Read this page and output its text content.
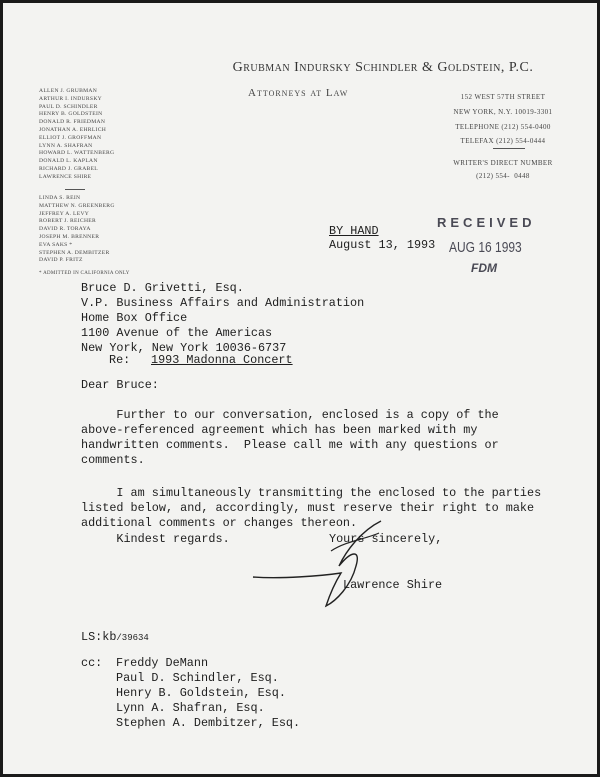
Grubman Indursky Schindler & Goldstein, P.C.
Attorneys at Law
ALLEN J. GRUBMAN
ARTHUR I. INDURSKY
PAUL D. SCHINDLER
HENRY B. GOLDSTEIN
DONALD R. FRIEDMAN
JONATHAN A. EHRLICH
ELLIOT J. GROFFMAN
LYNN A. SHAFRAN
HOWARD L. WATTENBERG
DONALD L. KAPLAN
RICHARD J. GRABEL
LAWRENCE SHIRE
LINDA S. REIN
MATTHEW N. GREENBERG
JEFFREY A. LEVY
ROBERT J. REICHER
DAVID R. TORAYA
JOSEPH M. BRENNER
EVA SAKS *
STEPHEN A. DEMBITZER
DAVID P. FRITZ
* ADMITTED IN CALIFORNIA ONLY
152 WEST 57TH STREET
NEW YORK, N.Y. 10019-3301
TELEPHONE (212) 554-0400
TELEFAX (212) 554-0444
WRITER'S DIRECT NUMBER
(212) 554-  0448
RECEIVED
AUG 16 1993
FDM
BY HAND
August 13, 1993
Bruce D. Grivetti, Esq.
V.P. Business Affairs and Administration
Home Box Office
1100 Avenue of the Americas
New York, New York 10036-6737
Re: 1993 Madonna Concert
Dear Bruce:
Further to our conversation, enclosed is a copy of the
above-referenced agreement which has been marked with my
handwritten comments.  Please call me with any questions or
comments.
I am simultaneously transmitting the enclosed to the parties
listed below, and, accordingly, must reserve their right to make
additional comments or changes thereon.
Kindest regards.	Yours sincerely,
Lawrence Shire
LS:kb/39634
cc: Freddy DeMann
Paul D. Schindler, Esq.
Henry B. Goldstein, Esq.
Lynn A. Shafran, Esq.
Stephen A. Dembitzer, Esq.
